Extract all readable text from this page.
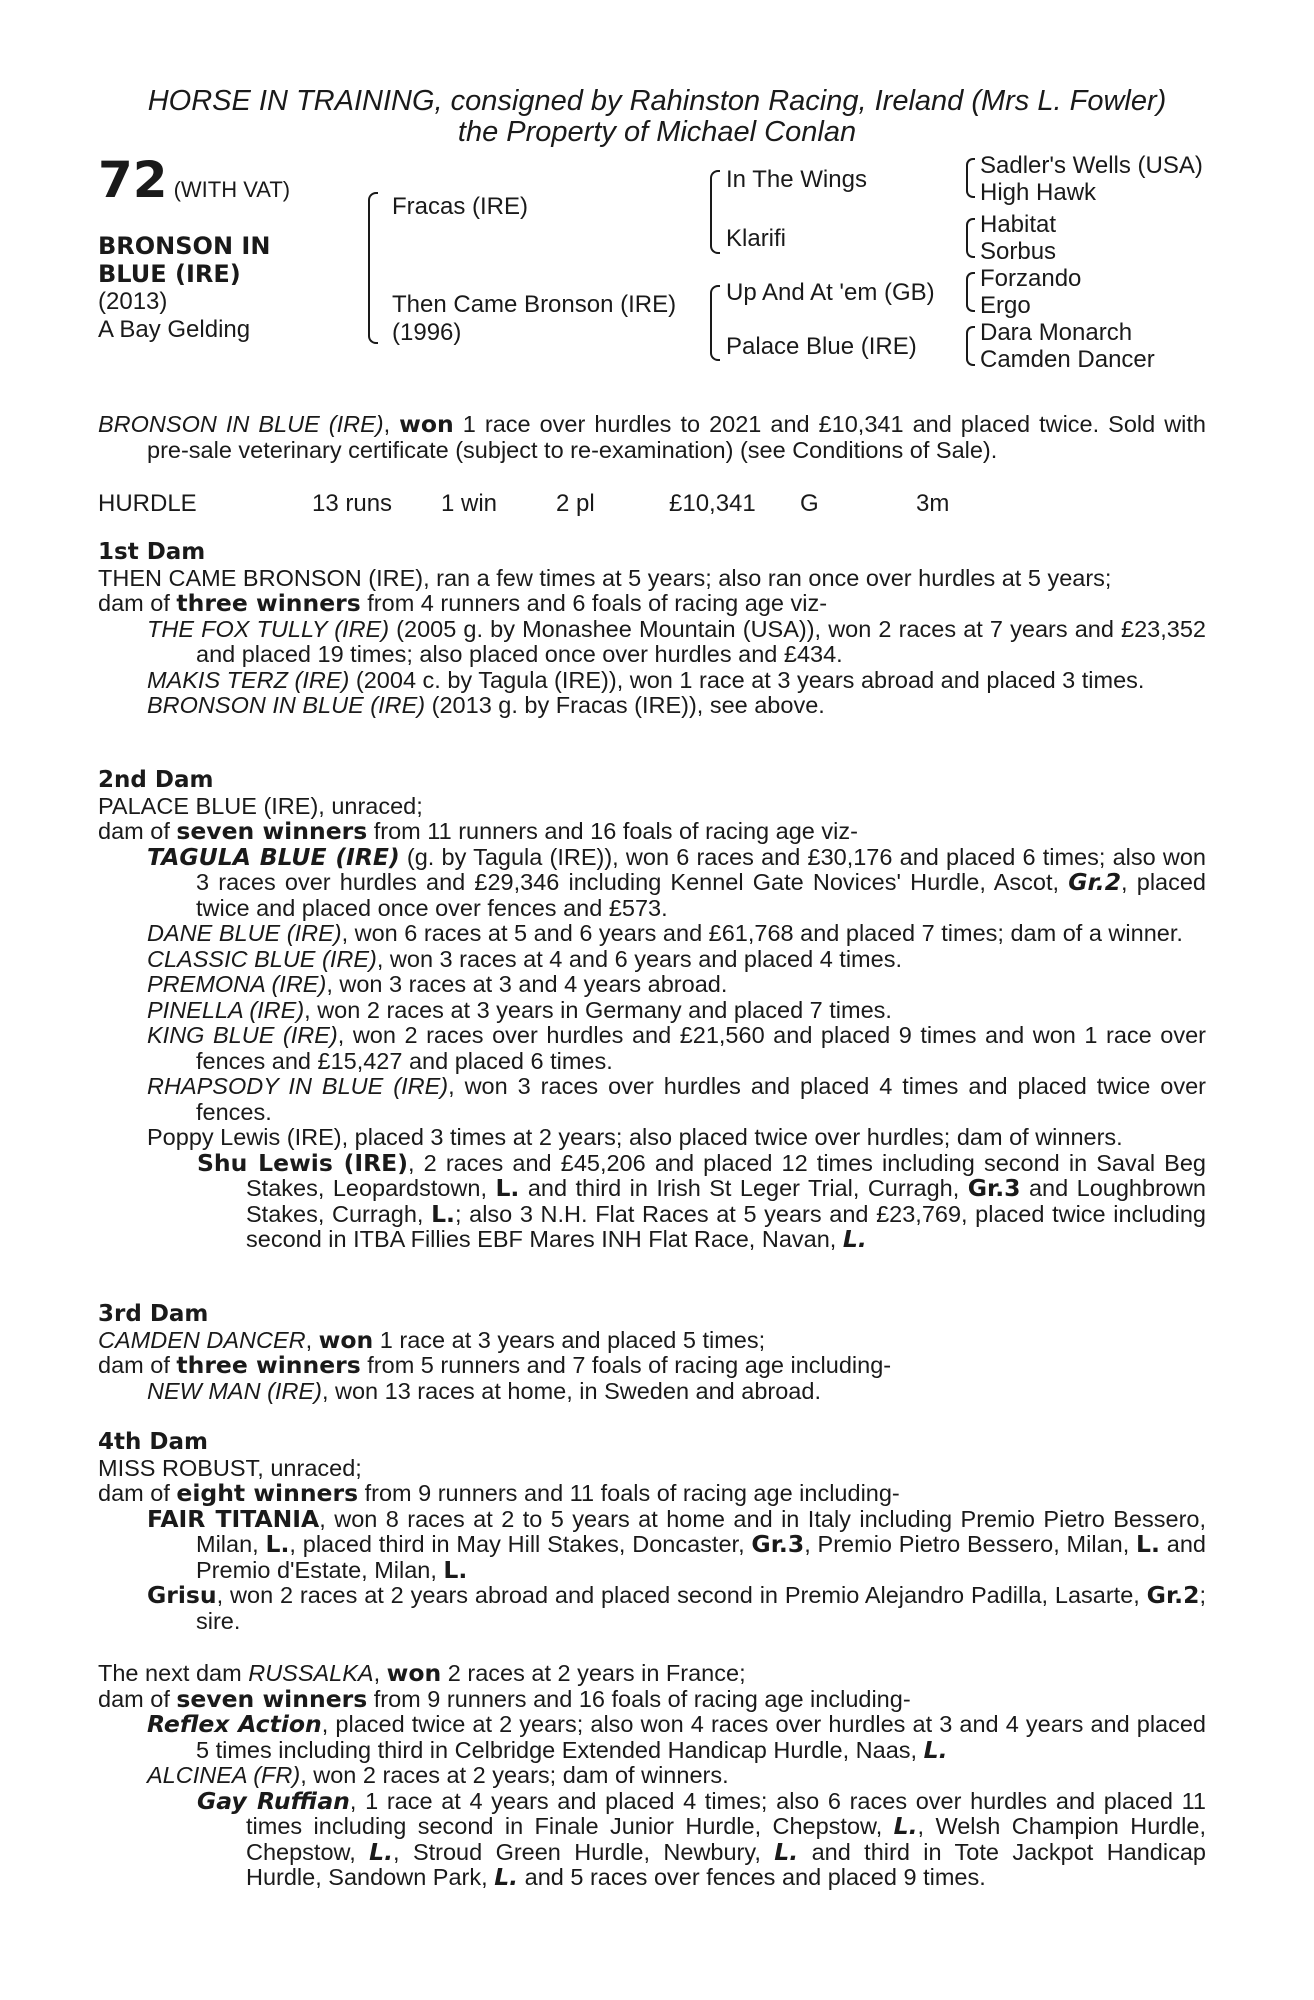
HORSE IN TRAINING, consigned by Rahinston Racing, Ireland (Mrs L. Fowler)
the Property of Michael Conlan
72 (WITH VAT)
BRONSON IN
BLUE (IRE)
(2013)
A Bay Gelding
Fracas (IRE)
Then Came Bronson (IRE)
(1996)
In The Wings
Klarifi
Up And At 'em (GB)
Palace Blue (IRE)
Sadler's Wells (USA)
High Hawk
Habitat
Sorbus
Forzando
Ergo
Dara Monarch
Camden Dancer

BRONSON IN BLUE (IRE), won 1 race over hurdles to 2021 and £10,341 and placed twice. Sold with pre-sale veterinary certificate (subject to re-examination) (see Conditions of Sale).

HURDLE	13 runs 1 win 2 pl	£10,341 G	3m

1st Dam

THEN CAME BRONSON (IRE), ran a few times at 5 years; also ran once over hurdles at 5 years;

dam of three winners from 4 runners and 6 foals of racing age viz-

THE FOX TULLY (IRE) (2005 g. by Monashee Mountain (USA)), won 2 races at 7 years and £23,352 and placed 19 times; also placed once over hurdles and £434.

MAKIS TERZ (IRE) (2004 c. by Tagula (IRE)), won 1 race at 3 years abroad and placed 3 times.

BRONSON IN BLUE (IRE) (2013 g. by Fracas (IRE)), see above.

2nd Dam

PALACE BLUE (IRE), unraced;

dam of seven winners from 11 runners and 16 foals of racing age viz-

TAGULA BLUE (IRE) (g. by Tagula (IRE)), won 6 races and £30,176 and placed 6 times; also won 3 races over hurdles and £29,346 including Kennel Gate Novices' Hurdle, Ascot, Gr.2, placed twice and placed once over fences and £573.

DANE BLUE (IRE), won 6 races at 5 and 6 years and £61,768 and placed 7 times; dam of a winner.

CLASSIC BLUE (IRE), won 3 races at 4 and 6 years and placed 4 times.

PREMONA (IRE), won 3 races at 3 and 4 years abroad.

PINELLA (IRE), won 2 races at 3 years in Germany and placed 7 times.

KING BLUE (IRE), won 2 races over hurdles and £21,560 and placed 9 times and won 1 race over fences and £15,427 and placed 6 times.

RHAPSODY IN BLUE (IRE), won 3 races over hurdles and placed 4 times and placed twice over fences.

Poppy Lewis (IRE), placed 3 times at 2 years; also placed twice over hurdles; dam of winners.

Shu Lewis (IRE), 2 races and £45,206 and placed 12 times including second in Saval Beg Stakes, Leopardstown, L. and third in Irish St Leger Trial, Curragh, Gr.3 and Loughbrown Stakes, Curragh, L.; also 3 N.H. Flat Races at 5 years and £23,769, placed twice including second in ITBA Fillies EBF Mares INH Flat Race, Navan, L.

3rd Dam

CAMDEN DANCER, won 1 race at 3 years and placed 5 times;

dam of three winners from 5 runners and 7 foals of racing age including-

NEW MAN (IRE), won 13 races at home, in Sweden and abroad.

4th Dam

MISS ROBUST, unraced;

dam of eight winners from 9 runners and 11 foals of racing age including-

FAIR TITANIA, won 8 races at 2 to 5 years at home and in Italy including Premio Pietro Bessero, Milan, L., placed third in May Hill Stakes, Doncaster, Gr.3, Premio Pietro Bessero, Milan, L. and Premio d'Estate, Milan, L.

Grisu, won 2 races at 2 years abroad and placed second in Premio Alejandro Padilla, Lasarte, Gr.2; sire.

The next dam RUSSALKA, won 2 races at 2 years in France;

dam of seven winners from 9 runners and 16 foals of racing age including-

Reflex Action, placed twice at 2 years; also won 4 races over hurdles at 3 and 4 years and placed 5 times including third in Celbridge Extended Handicap Hurdle, Naas, L.

ALCINEA (FR), won 2 races at 2 years; dam of winners.

Gay Ruffian, 1 race at 4 years and placed 4 times; also 6 races over hurdles and placed 11 times including second in Finale Junior Hurdle, Chepstow, L., Welsh Champion Hurdle, Chepstow, L., Stroud Green Hurdle, Newbury, L. and third in Tote Jackpot Handicap Hurdle, Sandown Park, L. and 5 races over fences and placed 9 times.
